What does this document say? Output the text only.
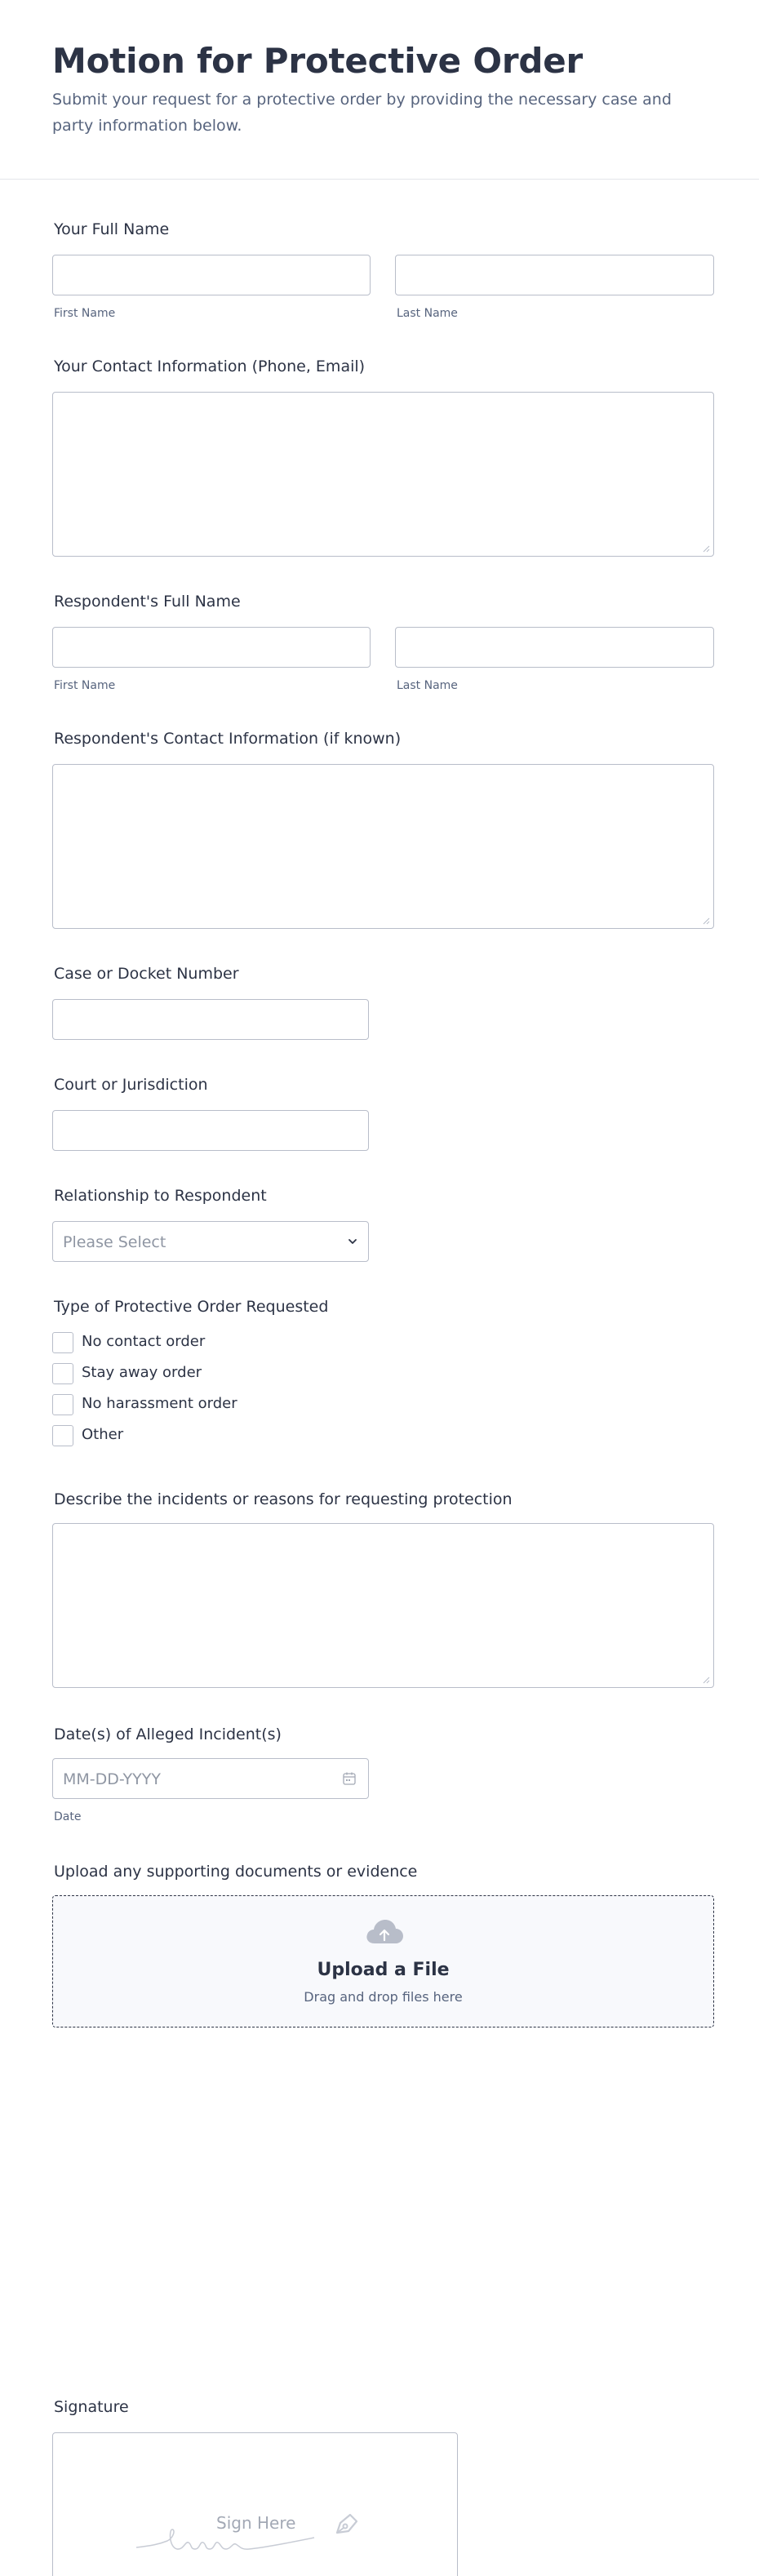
Motion for Protective Order
Submit your request for a protective order by providing the necessary case and party information below.
Your Full Name
First Name	Last Name
Your Contact Information (Phone, Email)
Respondent's Full Name
First Name	Last Name
Respondent's Contact Information (if known)
Case or Docket Number
Court or Jurisdiction
Relationship to Respondent
Please Select
Type of Protective Order Requested
No contact order
Stay away order
No harassment order
Other
Describe the incidents or reasons for requesting protection
Date(s) of Alleged Incident(s)
MM-DD-YYYY
Date
Upload any supporting documents or evidence
Upload a File
Drag and drop files here
Signature
Sign Here
